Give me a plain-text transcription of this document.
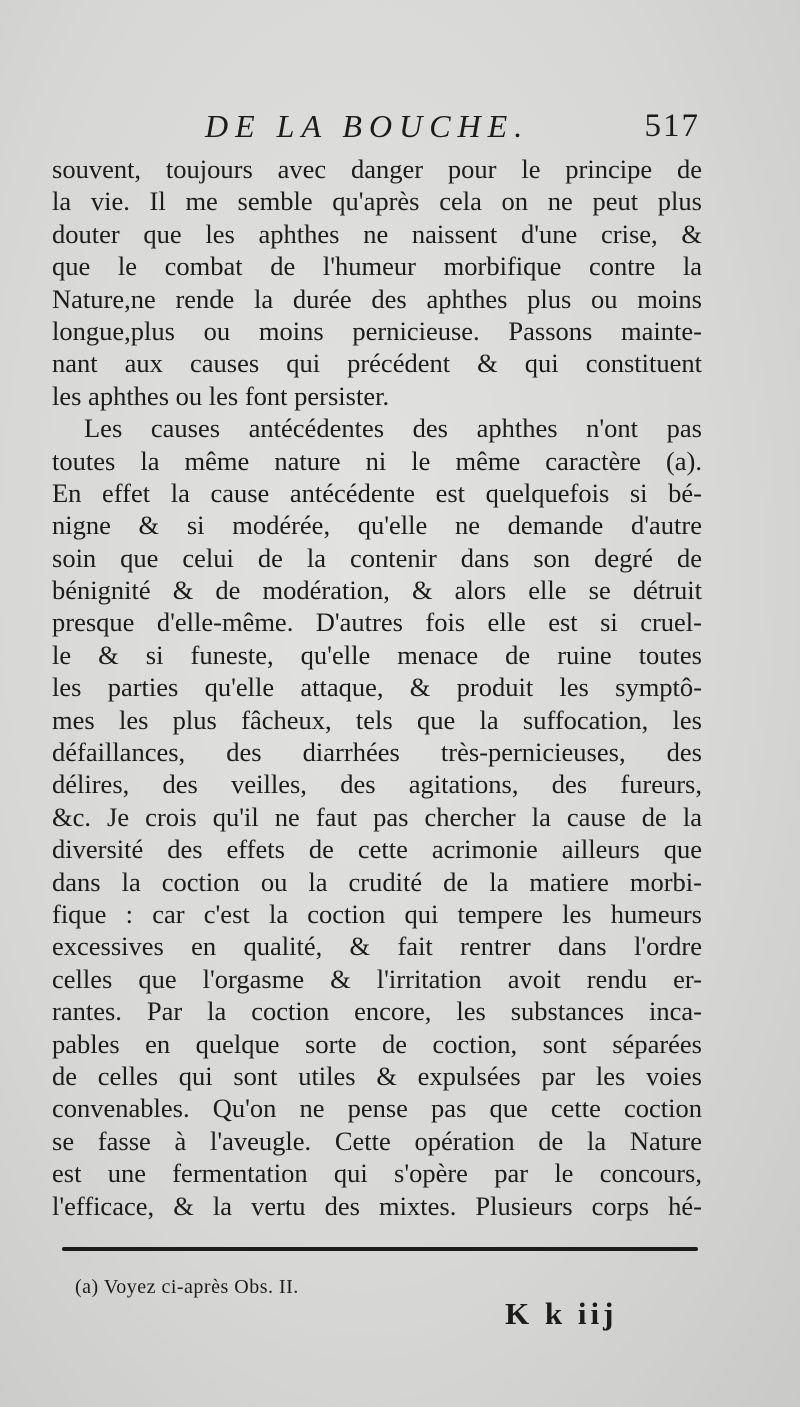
DE LA BOUCHE.	517
souvent, toujours avec danger pour le principe de
la vie. Il me semble qu'après cela on ne peut plus
douter que les aphthes ne naissent d'une crise, &
que le combat de l'humeur morbifique contre la
Nature,ne rende la durée des aphthes plus ou moins
longue,plus ou moins pernicieuse. Passons mainte-
nant aux causes qui précédent & qui constituent
les aphthes ou les font persister.
Les causes antécédentes des aphthes n'ont pas
toutes la même nature ni le même caractère (a).
En effet la cause antécédente est quelquefois si bé-
nigne & si modérée, qu'elle ne demande d'autre
soin que celui de la contenir dans son degré de
bénignité & de modération, & alors elle se détruit
presque d'elle-même. D'autres fois elle est si cruel-
le & si funeste, qu'elle menace de ruine toutes
les parties qu'elle attaque, & produit les symptô-
mes les plus fâcheux, tels que la suffocation, les
défaillances, des diarrhées très-pernicieuses, des
délires, des veilles, des agitations, des fureurs,
&c. Je crois qu'il ne faut pas chercher la cause de la
diversité des effets de cette acrimonie ailleurs que
dans la coction ou la crudité de la matiere morbi-
fique : car c'est la coction qui tempere les humeurs
excessives en qualité, & fait rentrer dans l'ordre
celles que l'orgasme & l'irritation avoit rendu er-
rantes. Par la coction encore, les substances inca-
pables en quelque sorte de coction, sont séparées
de celles qui sont utiles & expulsées par les voies
convenables. Qu'on ne pense pas que cette coction
se fasse à l'aveugle. Cette opération de la Nature
est une fermentation qui s'opère par le concours,
l'efficace, & la vertu des mixtes. Plusieurs corps hé-
(a) Voyez ci-après Obs. II.
K k iij
